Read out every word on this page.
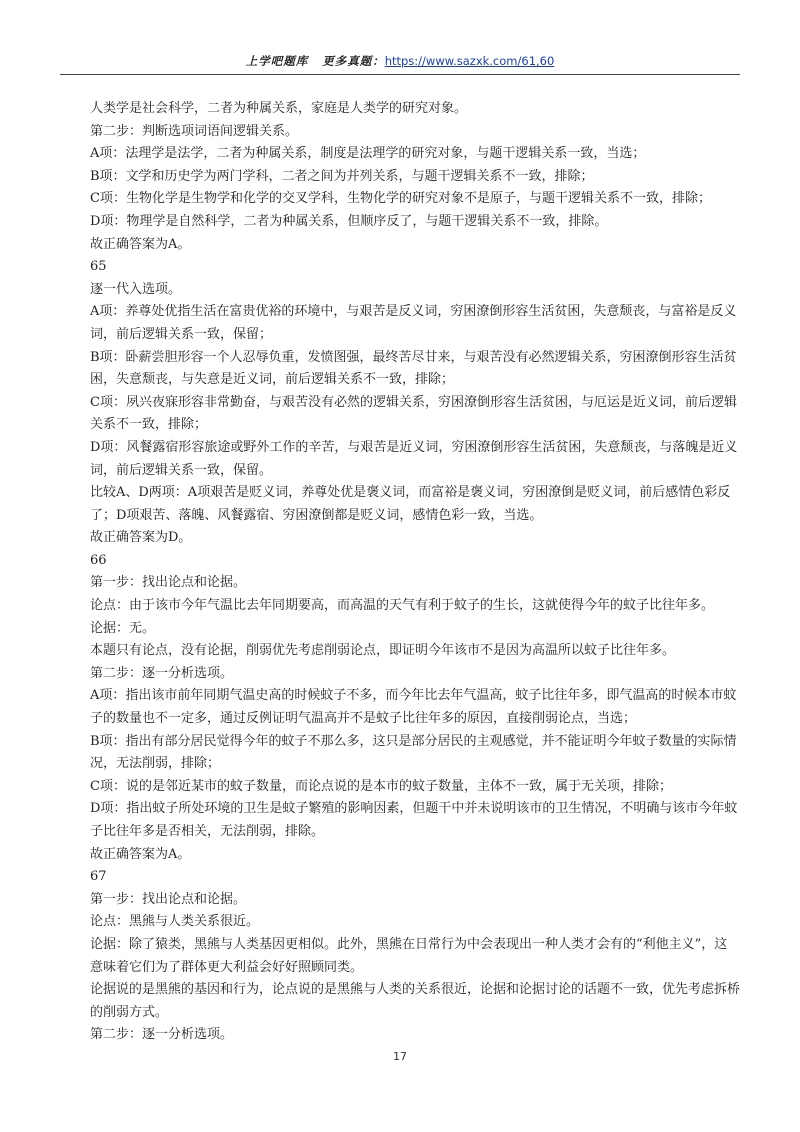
上学吧题库 更多真题：https://www.sazxk.com/61,60

人类学是社会科学，二者为种属关系，家庭是人类学的研究对象。

第二步：判断选项词语间逻辑关系。

A项：法理学是法学，二者为种属关系，制度是法理学的研究对象，与题干逻辑关系一致，当选；

B项：文学和历史学为两门学科，二者之间为并列关系，与题干逻辑关系不一致，排除；

C项：生物化学是生物学和化学的交叉学科，生物化学的研究对象不是原子，与题干逻辑关系不一致，排除；

D项：物理学是自然科学，二者为种属关系，但顺序反了，与题干逻辑关系不一致，排除。

故正确答案为A。

65

逐一代入选项。

A项：养尊处优指生活在富贵优裕的环境中，与艰苦是反义词，穷困潦倒形容生活贫困，失意颓丧，与富裕是反义词，前后逻辑关系一致，保留；

B项：卧薪尝胆形容一个人忍辱负重，发愤图强，最终苦尽甘来，与艰苦没有必然逻辑关系，穷困潦倒形容生活贫困，失意颓丧，与失意是近义词，前后逻辑关系不一致，排除；

C项：夙兴夜寐形容非常勤奋，与艰苦没有必然的逻辑关系，穷困潦倒形容生活贫困，与厄运是近义词，前后逻辑关系不一致，排除；

D项：风餐露宿形容旅途或野外工作的辛苦，与艰苦是近义词，穷困潦倒形容生活贫困，失意颓丧，与落魄是近义词，前后逻辑关系一致，保留。

比较A、D两项：A项艰苦是贬义词，养尊处优是褒义词，而富裕是褒义词，穷困潦倒是贬义词，前后感情色彩反了；D项艰苦、落魄、风餐露宿、穷困潦倒都是贬义词，感情色彩一致，当选。

故正确答案为D。

66

第一步：找出论点和论据。

论点：由于该市今年气温比去年同期要高，而高温的天气有利于蚊子的生长，这就使得今年的蚊子比往年多。

论据：无。

本题只有论点，没有论据，削弱优先考虑削弱论点，即证明今年该市不是因为高温所以蚊子比往年多。

第二步：逐一分析选项。

A项：指出该市前年同期气温史高的时候蚊子不多，而今年比去年气温高，蚊子比往年多，即气温高的时候本市蚊子的数量也不一定多，通过反例证明气温高并不是蚊子比往年多的原因，直接削弱论点，当选；

B项：指出有部分居民觉得今年的蚊子不那么多，这只是部分居民的主观感觉，并不能证明今年蚊子数量的实际情况，无法削弱，排除；

C项：说的是邻近某市的蚊子数量，而论点说的是本市的蚊子数量，主体不一致，属于无关项，排除；

D项：指出蚊子所处环境的卫生是蚊子繁殖的影响因素，但题干中并未说明该市的卫生情况，不明确与该市今年蚊子比往年多是否相关，无法削弱，排除。

故正确答案为A。

67

第一步：找出论点和论据。

论点：黑熊与人类关系很近。

论据：除了猿类，黑熊与人类基因更相似。此外，黑熊在日常行为中会表现出一种人类才会有的“利他主义”，这意味着它们为了群体更大利益会好好照顾同类。

论据说的是黑熊的基因和行为，论点说的是黑熊与人类的关系很近，论据和论据讨论的话题不一致，优先考虑拆桥的削弱方式。

第二步：逐一分析选项。

17
